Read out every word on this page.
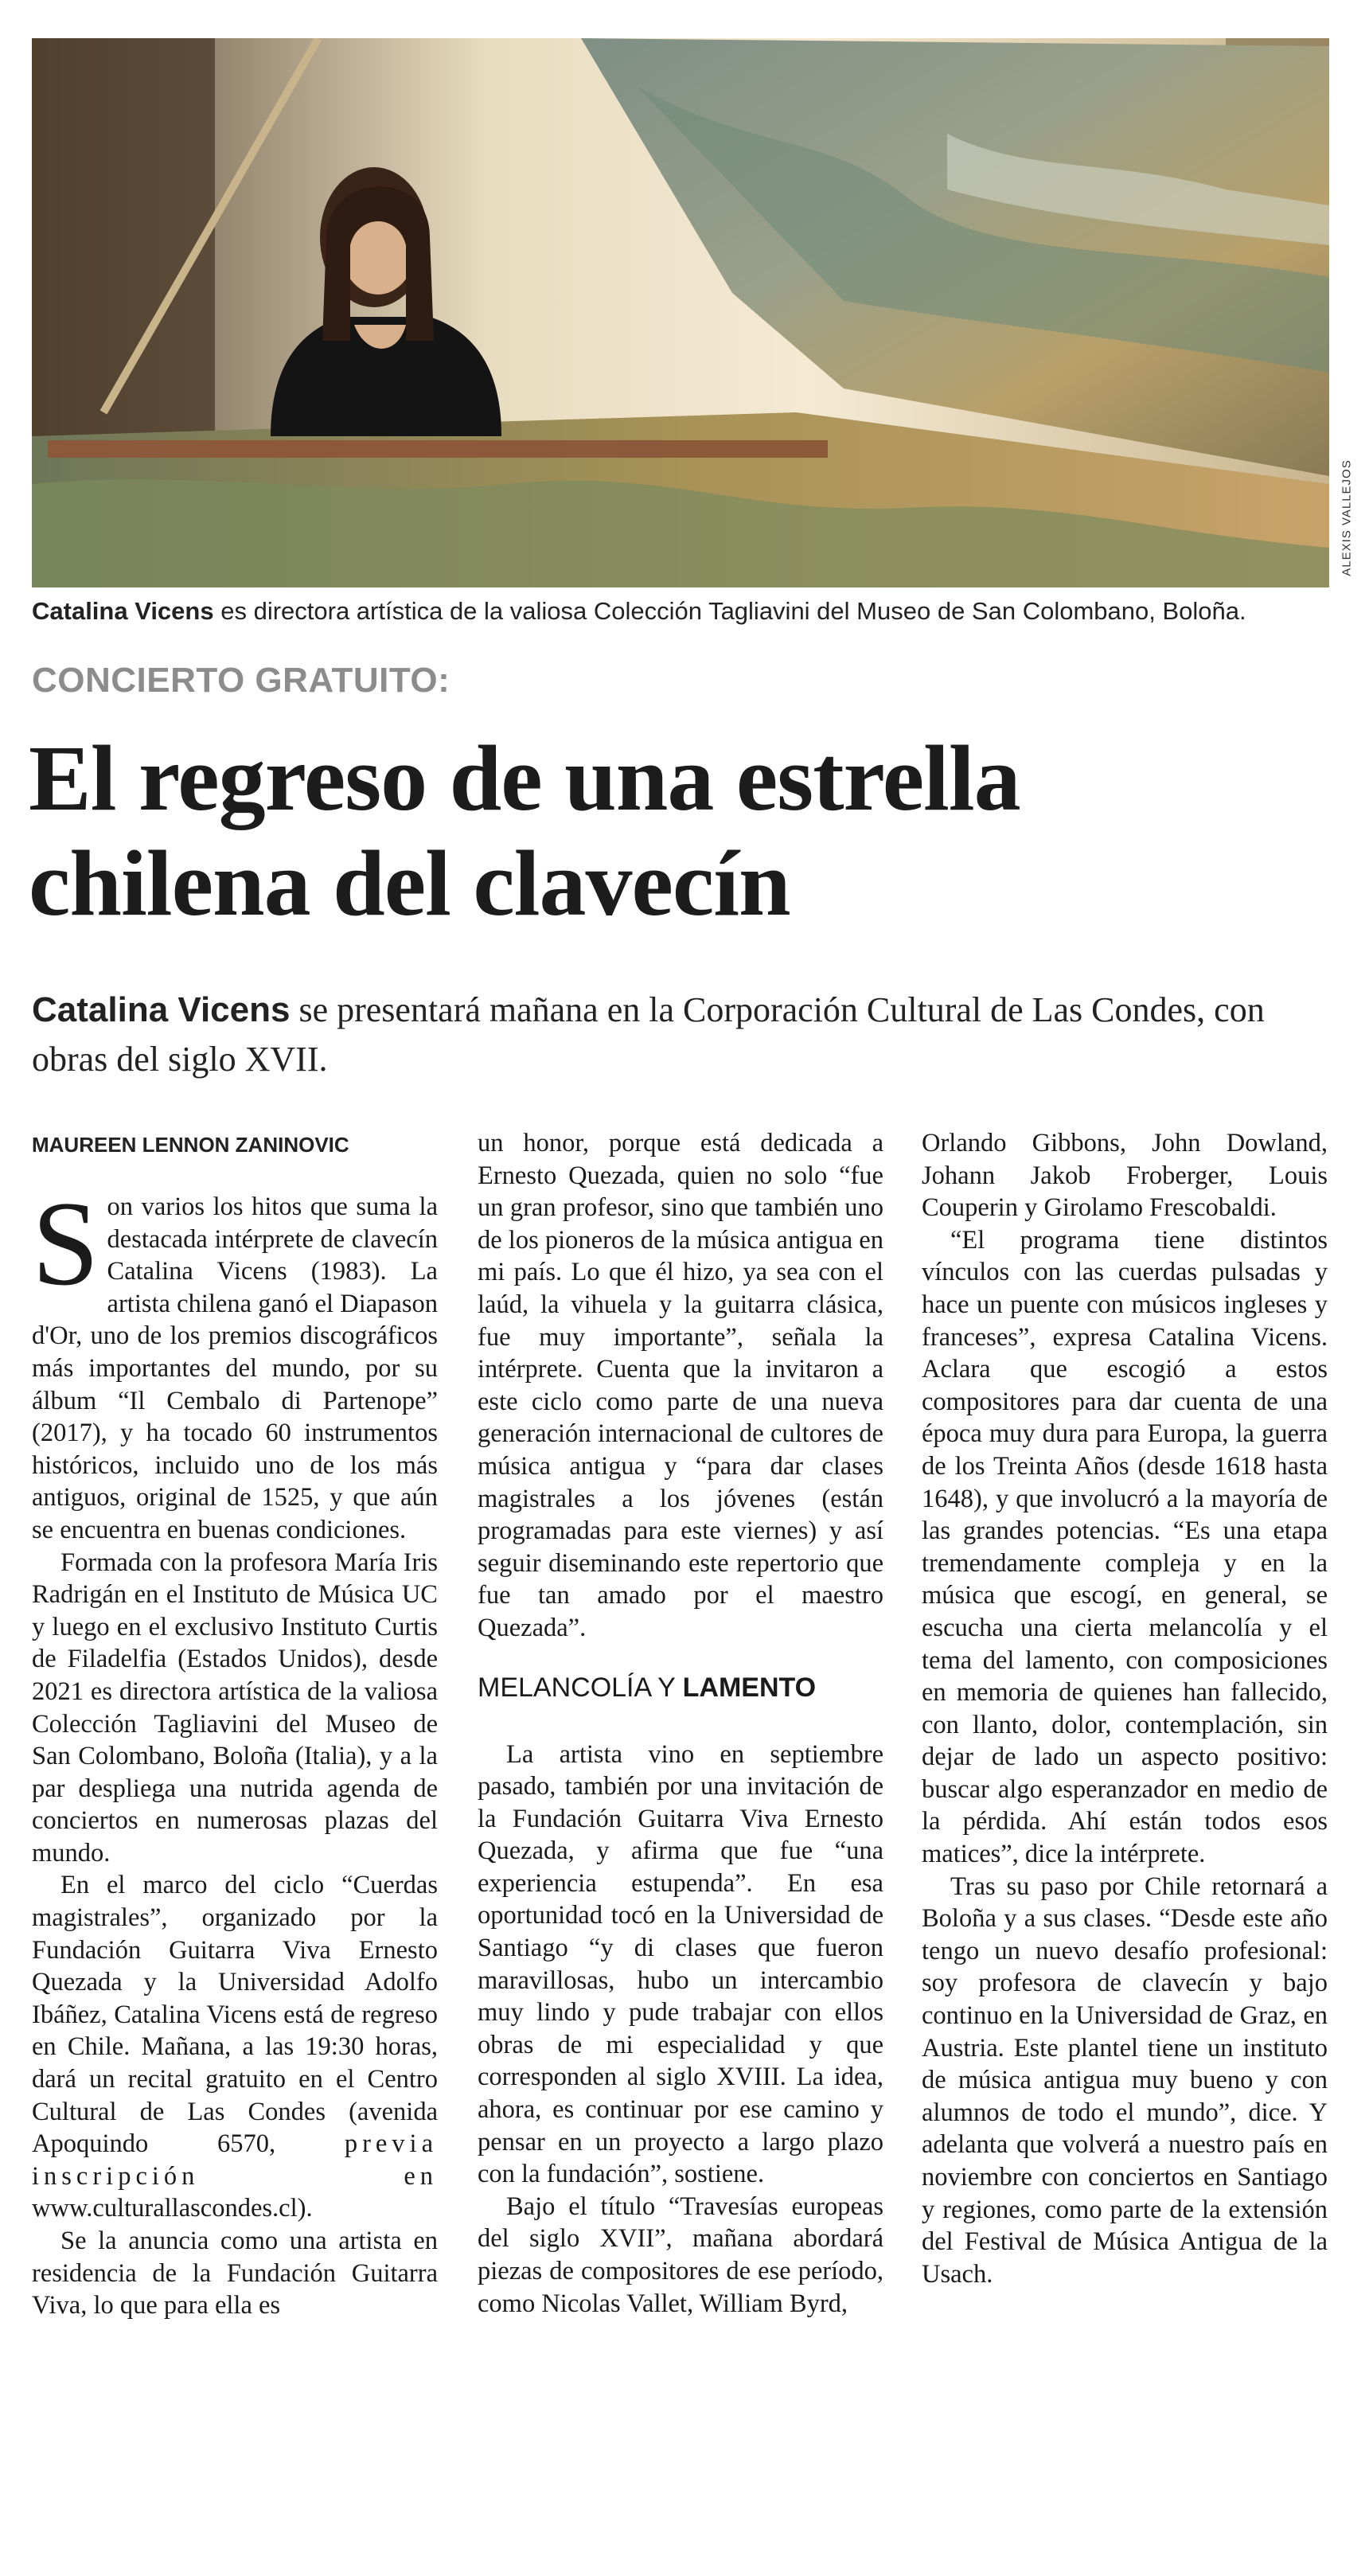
ALEXIS VALLEJOS
Catalina Vicens es directora artística de la valiosa Colección Tagliavini del Museo de San Colombano, Boloña.
CONCIERTO GRATUITO:
El regreso de una estrella
chilena del clavecín
Catalina Vicens se presentará mañana en la Corporación Cultural de Las Condes, con obras del siglo XVII.
MAUREEN LENNON ZANINOVIC

Son varios los hitos que suma la destacada intérprete de clavecín Catalina Vicens (1983). La artista chilena ganó el Diapason d'Or, uno de los premios discográficos más importantes del mundo, por su álbum “Il Cembalo di Partenope” (2017), y ha tocado 60 instrumentos históricos, incluido uno de los más antiguos, original de 1525, y que aún se encuentra en buenas condiciones.

Formada con la profesora María Iris Radrigán en el Instituto de Música UC y luego en el exclusivo Instituto Curtis de Filadelfia (Estados Unidos), desde 2021 es directora artística de la valiosa Colección Tagliavini del Museo de San Colombano, Boloña (Italia), y a la par despliega una nutrida agenda de conciertos en numerosas plazas del mundo.

En el marco del ciclo “Cuerdas magistrales”, organizado por la Fundación Guitarra Viva Ernesto Quezada y la Universidad Adolfo Ibáñez, Catalina Vicens está de regreso en Chile. Mañana, a las 19:30 horas, dará un recital gratuito en el Centro Cultural de Las Condes (avenida Apoquindo 6570,	previa inscripción en www.culturallascondes.cl).

Se la anuncia como una artista en residencia de la Fundación Guitarra Viva, lo que para ella es

un honor, porque está dedicada a Ernesto Quezada, quien no solo “fue un gran profesor, sino que también uno de los pioneros de la música antigua en mi país. Lo que él hizo, ya sea con el laúd, la vihuela y la guitarra clásica, fue muy importante”, señala la intérprete. Cuenta que la invitaron a este ciclo como parte de una nueva generación internacional de cultores de música antigua y “para dar clases magistrales a los jóvenes (están programadas para este viernes) y así seguir diseminando este repertorio que fue tan amado por el maestro Quezada”.

MELANCOLÍA Y LAMENTO

La artista vino en septiembre pasado, también por una invitación de la Fundación Guitarra Viva Ernesto Quezada, y afirma que fue “una experiencia estupenda”. En esa oportunidad tocó en la Universidad de Santiago “y di clases que fueron maravillosas, hubo un intercambio muy lindo y pude trabajar con ellos obras de mi especialidad y que corresponden al siglo XVIII. La idea, ahora, es continuar por ese camino y pensar en un proyecto a largo plazo con la fundación”, sostiene.

Bajo el título “Travesías europeas del siglo XVII”, mañana abordará piezas de compositores de ese período, como Nicolas Vallet, William Byrd,

Orlando Gibbons, John Dowland, Johann Jakob Froberger, Louis Couperin y Girolamo Frescobaldi.

“El programa tiene distintos vínculos con las cuerdas pulsadas y hace un puente con músicos ingleses y franceses”, expresa Catalina Vicens. Aclara que escogió a estos compositores para dar cuenta de una época muy dura para Europa, la guerra de los Treinta Años (desde 1618 hasta 1648), y que involucró a la mayoría de las grandes potencias. “Es una etapa tremendamente compleja y en la música que escogí, en general, se escucha una cierta melancolía y el tema del lamento, con composiciones en memoria de quienes han fallecido, con llanto, dolor, contemplación, sin dejar de lado un aspecto positivo: buscar algo esperanzador en medio de la pérdida. Ahí están todos esos matices”, dice la intérprete.

Tras su paso por Chile retornará a Boloña y a sus clases. “Desde este año tengo un nuevo desafío profesional: soy profesora de clavecín y bajo continuo en la Universidad de Graz, en Austria. Este plantel tiene un instituto de música antigua muy bueno y con alumnos de todo el mundo”, dice. Y adelanta que volverá a nuestro país en noviembre con conciertos en Santiago y regiones, como parte de la extensión del Festival de Música Antigua de la Usach.
